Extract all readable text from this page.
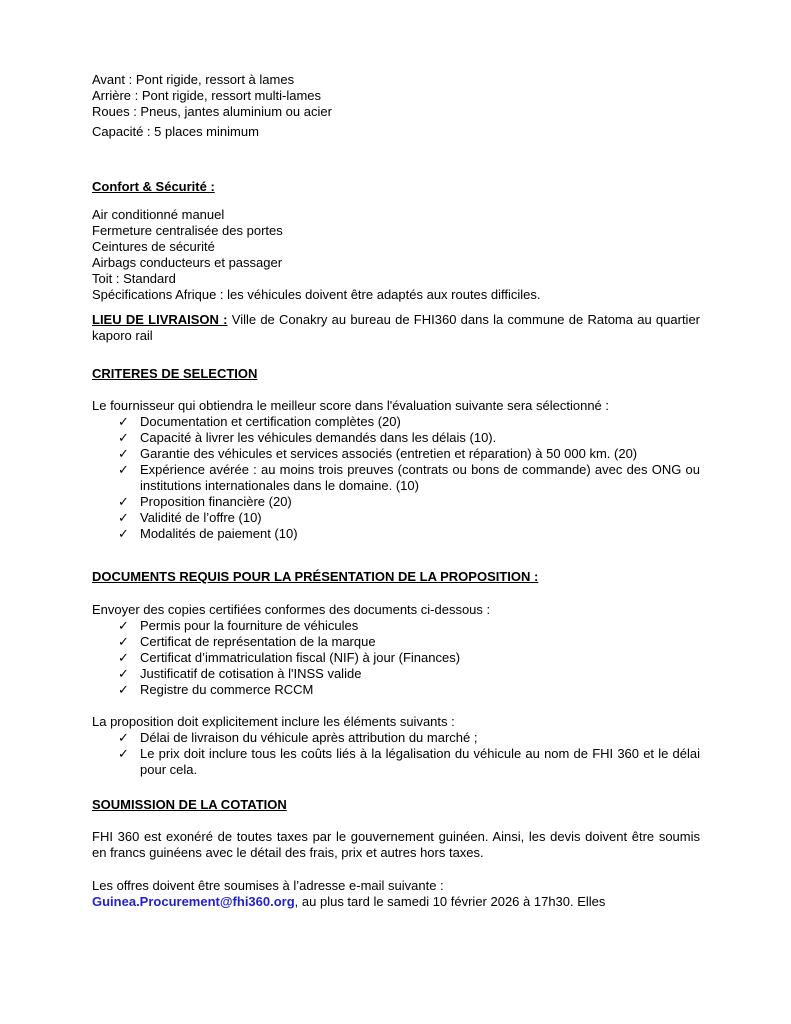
Avant : Pont rigide, ressort à lames

Arrière : Pont rigide, ressort multi-lames

Roues : Pneus, jantes aluminium ou acier

Capacité : 5 places minimum

Confort & Sécurité :

Air conditionné manuel

Fermeture centralisée des portes

Ceintures de sécurité

Airbags conducteurs et passager

Toit : Standard

Spécifications Afrique : les véhicules doivent être adaptés aux routes difficiles.

LIEU DE LIVRAISON : Ville de Conakry au bureau de FHI360 dans la commune de Ratoma au quartier kaporo rail

CRITERES DE SELECTION

Le fournisseur qui obtiendra le meilleur score dans l'évaluation suivante sera sélectionné :

✓ Documentation et certification complètes (20)
✓ Capacité à livrer les véhicules demandés dans les délais (10).
✓ Garantie des véhicules et services associés (entretien et réparation) à 50 000 km. (20)
✓ Expérience avérée : au moins trois preuves (contrats ou bons de commande) avec des ONG ou institutions internationales dans le domaine. (10)
✓ Proposition financière (20)
✓ Validité de l’offre (10)
✓ Modalités de paiement (10)

DOCUMENTS REQUIS POUR LA PRÉSENTATION DE LA PROPOSITION :

Envoyer des copies certifiées conformes des documents ci-dessous :

✓ Permis pour la fourniture de véhicules
✓ Certificat de représentation de la marque
✓ Certificat d’immatriculation fiscal (NIF) à jour (Finances)
✓ Justificatif de cotisation à l'INSS valide
✓ Registre du commerce RCCM

La proposition doit explicitement inclure les éléments suivants :

✓ Délai de livraison du véhicule après attribution du marché ;
✓ Le prix doit inclure tous les coûts liés à la légalisation du véhicule au nom de FHI 360 et le délai pour cela.

SOUMISSION DE LA COTATION

FHI 360 est exonéré de toutes taxes par le gouvernement guinéen. Ainsi, les devis doivent être soumis en francs guinéens avec le détail des frais, prix et autres hors taxes.

Les offres doivent être soumises à l’adresse e-mail suivante :

Guinea.Procurement@fhi360.org, au plus tard le samedi 10 février 2026 à 17h30. Elles
